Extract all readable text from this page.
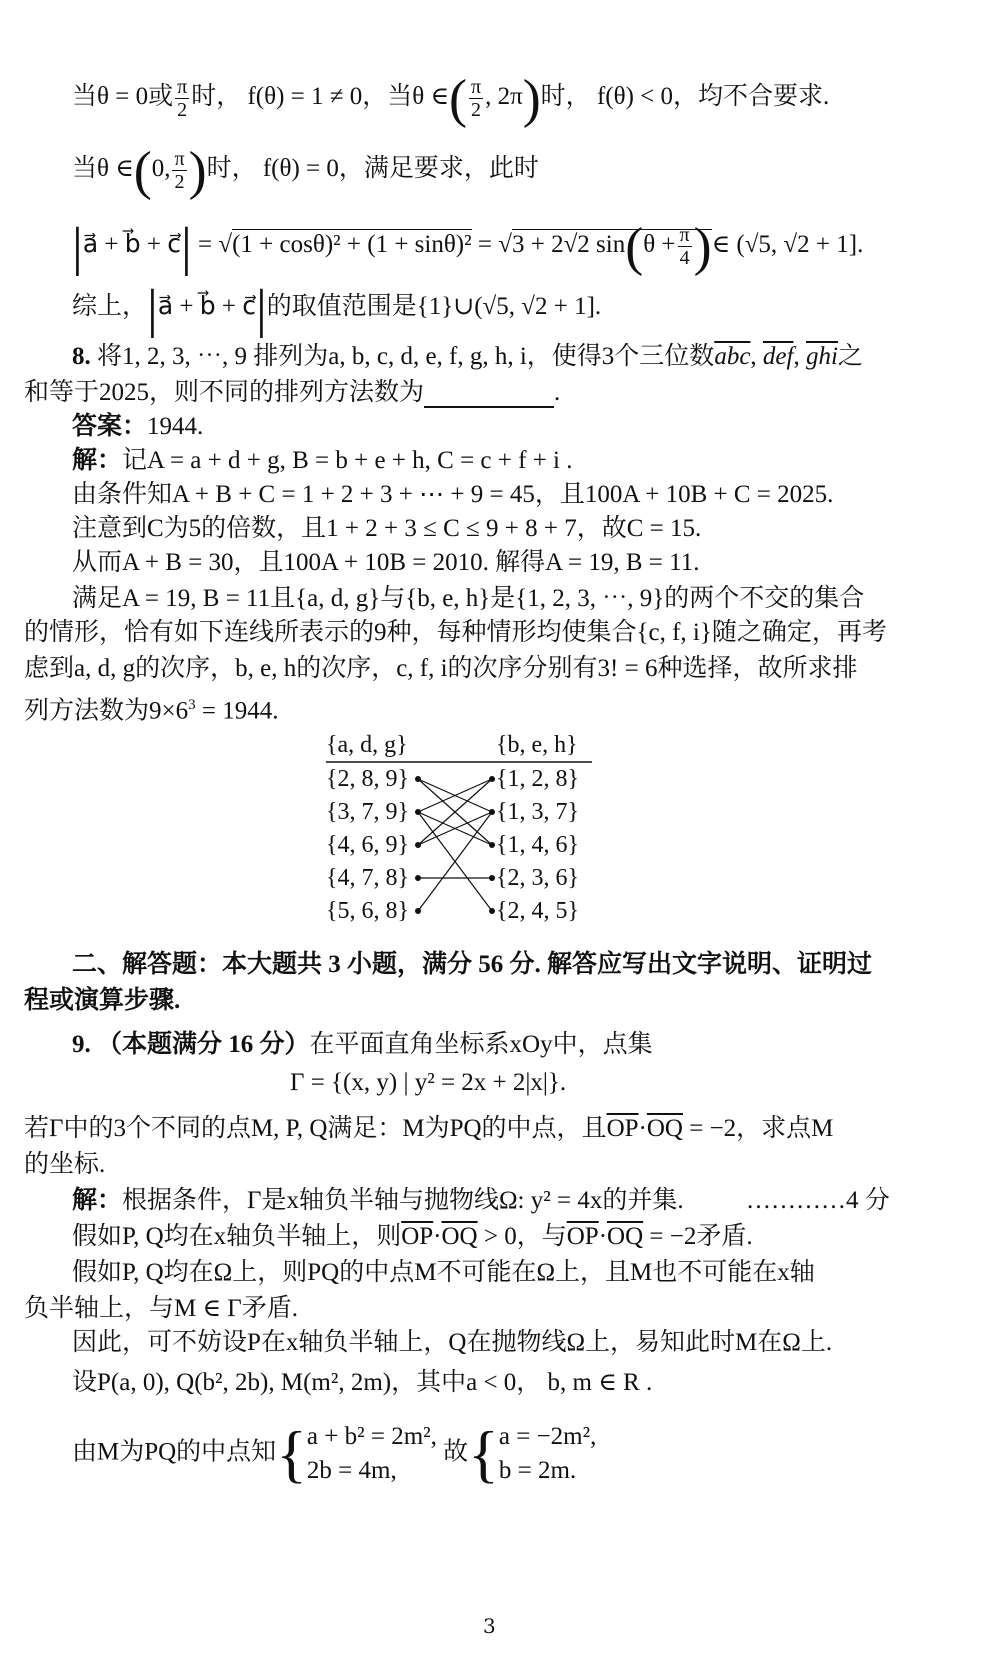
当θ = 0或 $\frac{\pi}{2}$ 时， f(θ) = 1 ≠ 0，当θ ∈( $\frac{\pi}{2}$ , 2π)时， f(θ) < 0，均不合要求.
当θ ∈(0, $\frac{\pi}{2}$ )时， f(θ) = 0，满足要求，此时
|a⃗ + b⃗ + c⃗| = √(1 + cosθ)² + (1 + sinθ)² = √3 + 2√2 $\sin(\theta + \frac{\pi}{4}$ )∈ (√5, √2 + 1].
综上，|a⃗ + b⃗ + c⃗|的取值范围是{1}∪(√5, √2 + 1].
8. 将1, 2, 3, ⋯, 9 排列为a, b, c, d, e, f, g, h, i，使得3个三位数$\overline{abc}$, $\overline{def}$, $\overline{ghi}$之
和等于2025，则不同的排列方法数为	.
答案：1944.
解：记A = a + d + g, B = b + e + h, C = c + f + i .
由条件知A + B + C = 1 + 2 + 3 + ⋯ + 9 = 45，且100A + 10B + C = 2025.
注意到C为5的倍数，且1 + 2 + 3 ≤ C ≤ 9 + 8 + 7，故C = 15.
从而A + B = 30，且100A + 10B = 2010. 解得A = 19, B = 11.
满足A = 19, B = 11且{a, d, g}与{b, e, h}是{1, 2, 3, ⋯, 9}的两个不交的集合
的情形，恰有如下连线所表示的9种，每种情形均使集合{c, f, i}随之确定，再考
虑到a, d, g的次序，b, e, h的次序，c, f, i的次序分别有3! = 6种选择，故所求排
列方法数为$9\times 6^3 = 1944$.
{a, d, g}	{b, e, h}
{2, 8, 9}
{3, 7, 9}
{4, 6, 9}
{4, 7, 8}
{5, 6, 8}
{1, 2, 8}
{1, 3, 7}
{1, 4, 6}
{2, 3, 6}
{2, 4, 5}
二、解答题：本大题共 3 小题，满分 56 分. 解答应写出文字说明、证明过
程或演算步骤.
9. （本题满分 16 分）在平面直角坐标系xOy中，点集
Γ = {(x, y) | y² = 2x + 2|x|}.
若Γ中的3个不同的点M, P, Q满足：M为PQ的中点，且$\overline{OP}\cdot\overline{OQ} = -2$，求点M
的坐标.
解：根据条件，Γ是x轴负半轴与抛物线Ω: y² = 4x的并集. …………4 分
假如P, Q均在x轴负半轴上，则$\overline{OP}\cdot\overline{OQ} > 0$，与$\overline{OP}\cdot\overline{OQ} = -2$矛盾.
假如P, Q均在Ω上，则PQ的中点M不可能在Ω上，且M也不可能在x轴
负半轴上，与M ∈ Γ矛盾.
因此，可不妨设P在x轴负半轴上，Q在抛物线Ω上，易知此时M在Ω上.
设P(a, 0), Q(b², 2b), M(m², 2m)，其中a < 0， b, m ∈ R .
由M为PQ的中点知{ a + b² = 2m²,
2b = 4m,
故{ a = −2m²,
b = 2m.
3
